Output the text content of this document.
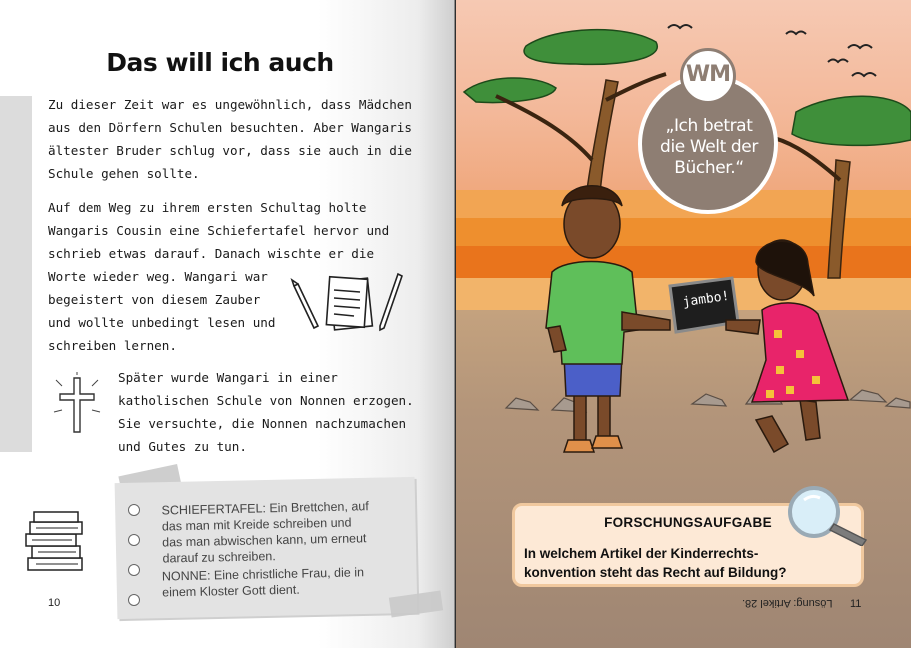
Das will ich auch
Zu dieser Zeit war es ungewöhnlich, dass Mädchen
aus den Dörfern Schulen besuchten. Aber Wangaris
ältester Bruder schlug vor, dass sie auch in die
Schule gehen sollte.
Auf dem Weg zu ihrem ersten Schultag holte
Wangaris Cousin eine Schiefertafel hervor und
schrieb etwas darauf. Danach wischte er die
Worte wieder weg. Wangari war
begeistert von diesem Zauber
und wollte unbedingt lesen und
schreiben lernen.
Später wurde Wangari in einer
katholischen Schule von Nonnen erzogen.
Sie versuchte, die Nonnen nachzumachen
und Gutes zu tun.
SCHIEFERTAFEL: Ein Brettchen, auf
das man mit Kreide schreiben und
das man abwischen kann, um erneut
darauf zu schreiben.
NONNE: Eine christliche Frau, die in
einem Kloster Gott dient.
10
„Ich betrat
die Welt der
Bücher.“
WM
jambo!
FORSCHUNGSAUFGABE
In welchem Artikel der Kinderrechts-
konvention steht das Recht auf Bildung?
Lösung: Artikel 28. 11
